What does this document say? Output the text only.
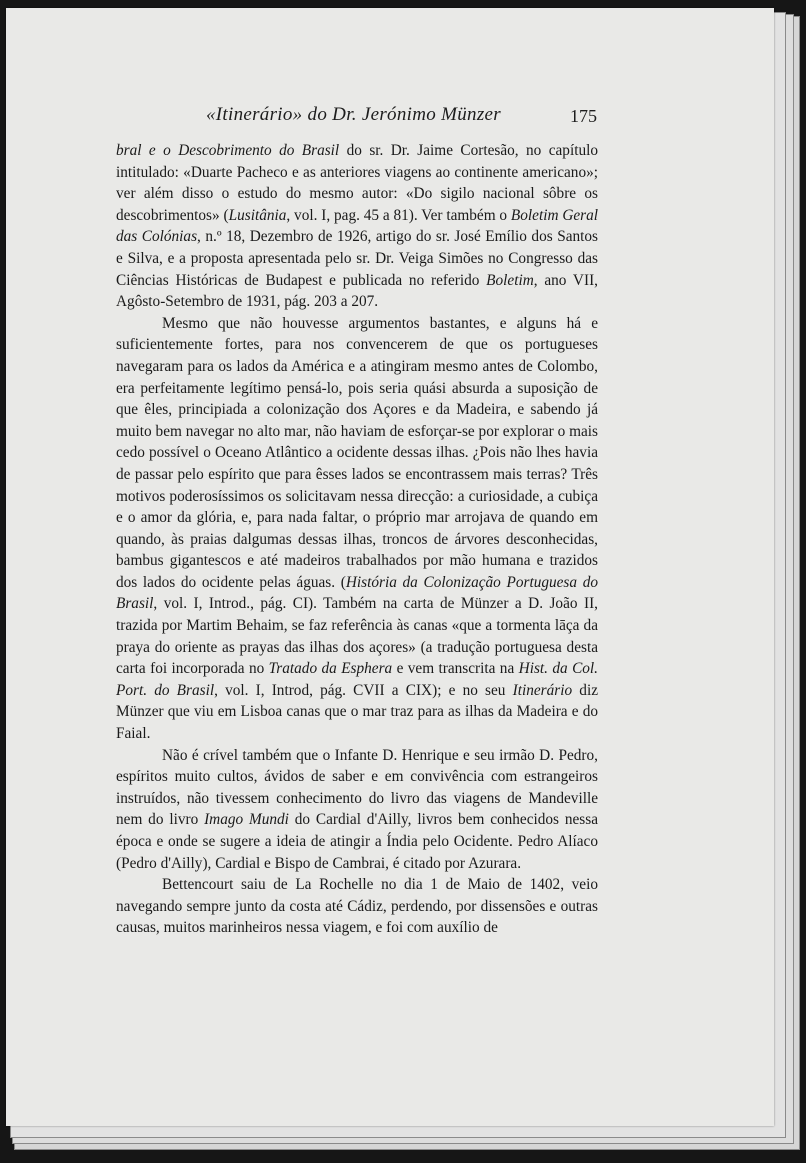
«Itinerário» do Dr. Jerónimo Münzer	175

bral e o Descobrimento do Brasil do sr. Dr. Jaime Cortesão, no capítulo intitulado: «Duarte Pacheco e as anteriores viagens ao continente americano»; ver além disso o estudo do mesmo autor: «Do sigilo nacional sôbre os descobrimentos» (Lusitânia, vol. I, pag. 45 a 81). Ver também o Boletim Geral das Colónias, n.º 18, Dezembro de 1926, artigo do sr. José Emílio dos Santos e Silva, e a proposta apresentada pelo sr. Dr. Veiga Simões no Congresso das Ciências Históricas de Budapest e publicada no referido Boletim, ano VII, Agôsto-Setembro de 1931, pág. 203 a 207.

Mesmo que não houvesse argumentos bastantes, e alguns há e suficientemente fortes, para nos convencerem de que os portugueses navegaram para os lados da América e a atingiram mesmo antes de Colombo, era perfeitamente legítimo pensá-lo, pois seria quási absurda a suposição de que êles, principiada a colonização dos Açores e da Madeira, e sabendo já muito bem navegar no alto mar, não haviam de esforçar-se por explorar o mais cedo possível o Oceano Atlântico a ocidente dessas ilhas. ¿Pois não lhes havia de passar pelo espírito que para êsses lados se encontrassem mais terras? Três motivos poderosíssimos os solicitavam nessa direcção: a curiosidade, a cubiça e o amor da glória, e, para nada faltar, o próprio mar arrojava de quando em quando, às praias dalgumas dessas ilhas, troncos de árvores desconhecidas, bambus gigantescos e até madeiros trabalhados por mão humana e trazidos dos lados do ocidente pelas águas. (História da Colonização Portuguesa do Brasil, vol. I, Introd., pág. CI). Também na carta de Münzer a D. João II, trazida por Martim Behaim, se faz referência às canas «que a tormenta lāça da praya do oriente as prayas das ilhas dos açores» (a tradução portuguesa desta carta foi incorporada no Tratado da Esphera e vem transcrita na Hist. da Col. Port. do Brasil, vol. I, Introd, pág. CVII a CIX); e no seu Itinerário diz Münzer que viu em Lisboa canas que o mar traz para as ilhas da Madeira e do Faial.

Não é crível também que o Infante D. Henrique e seu irmão D. Pedro, espíritos muito cultos, ávidos de saber e em convivência com estrangeiros instruídos, não tivessem conhecimento do livro das viagens de Mandeville nem do livro Imago Mundi do Cardial d'Ailly, livros bem conhecidos nessa época e onde se sugere a ideia de atingir a Índia pelo Ocidente. Pedro Alíaco (Pedro d'Ailly), Cardial e Bispo de Cambrai, é citado por Azurara.

Bettencourt saiu de La Rochelle no dia 1 de Maio de 1402, veio navegando sempre junto da costa até Cádiz, perdendo, por dissensões e outras causas, muitos marinheiros nessa viagem, e foi com auxílio de
